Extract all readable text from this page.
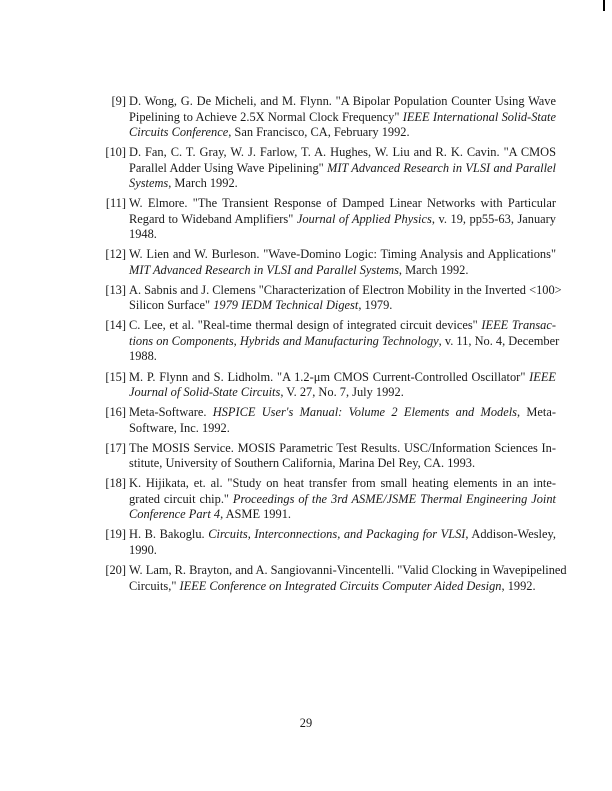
[9] D. Wong, G. De Micheli, and M. Flynn. "A Bipolar Population Counter Using Wave
Pipelining to Achieve 2.5X Normal Clock Frequency" IEEE International Solid-State
Circuits Conference, San Francisco, CA, February 1992.
[10] D. Fan, C. T. Gray, W. J. Farlow, T. A. Hughes, W. Liu and R. K. Cavin. "A CMOS
Parallel Adder Using Wave Pipelining" MIT Advanced Research in VLSI and Parallel
Systems, March 1992.
[11] W. Elmore. "The Transient Response of Damped Linear Networks with Particular
Regard to Wideband Amplifiers" Journal of Applied Physics, v. 19, pp55-63, January
1948.
[12] W. Lien and W. Burleson. "Wave-Domino Logic: Timing Analysis and Applications"
MIT Advanced Research in VLSI and Parallel Systems, March 1992.
[13] A. Sabnis and J. Clemens "Characterization of Electron Mobility in the Inverted <100>
Silicon Surface" 1979 IEDM Technical Digest, 1979.
[14] C. Lee, et al. "Real-time thermal design of integrated circuit devices" IEEE Transac-
tions on Components, Hybrids and Manufacturing Technology, v. 11, No. 4, December
1988.
[15] M. P. Flynn and S. Lidholm. "A 1.2-μm CMOS Current-Controlled Oscillator" IEEE
Journal of Solid-State Circuits, V. 27, No. 7, July 1992.
[16] Meta-Software. HSPICE User's Manual: Volume 2 Elements and Models, Meta-
Software, Inc. 1992.
[17] The MOSIS Service. MOSIS Parametric Test Results. USC/Information Sciences In-
stitute, University of Southern California, Marina Del Rey, CA. 1993.
[18] K. Hijikata, et. al. "Study on heat transfer from small heating elements in an inte-
grated circuit chip." Proceedings of the 3rd ASME/JSME Thermal Engineering Joint
Conference Part 4, ASME 1991.
[19] H. B. Bakoglu. Circuits, Interconnections, and Packaging for VLSI, Addison-Wesley,
1990.
[20] W. Lam, R. Brayton, and A. Sangiovanni-Vincentelli. "Valid Clocking in Wavepipelined
Circuits," IEEE Conference on Integrated Circuits Computer Aided Design, 1992.
29
